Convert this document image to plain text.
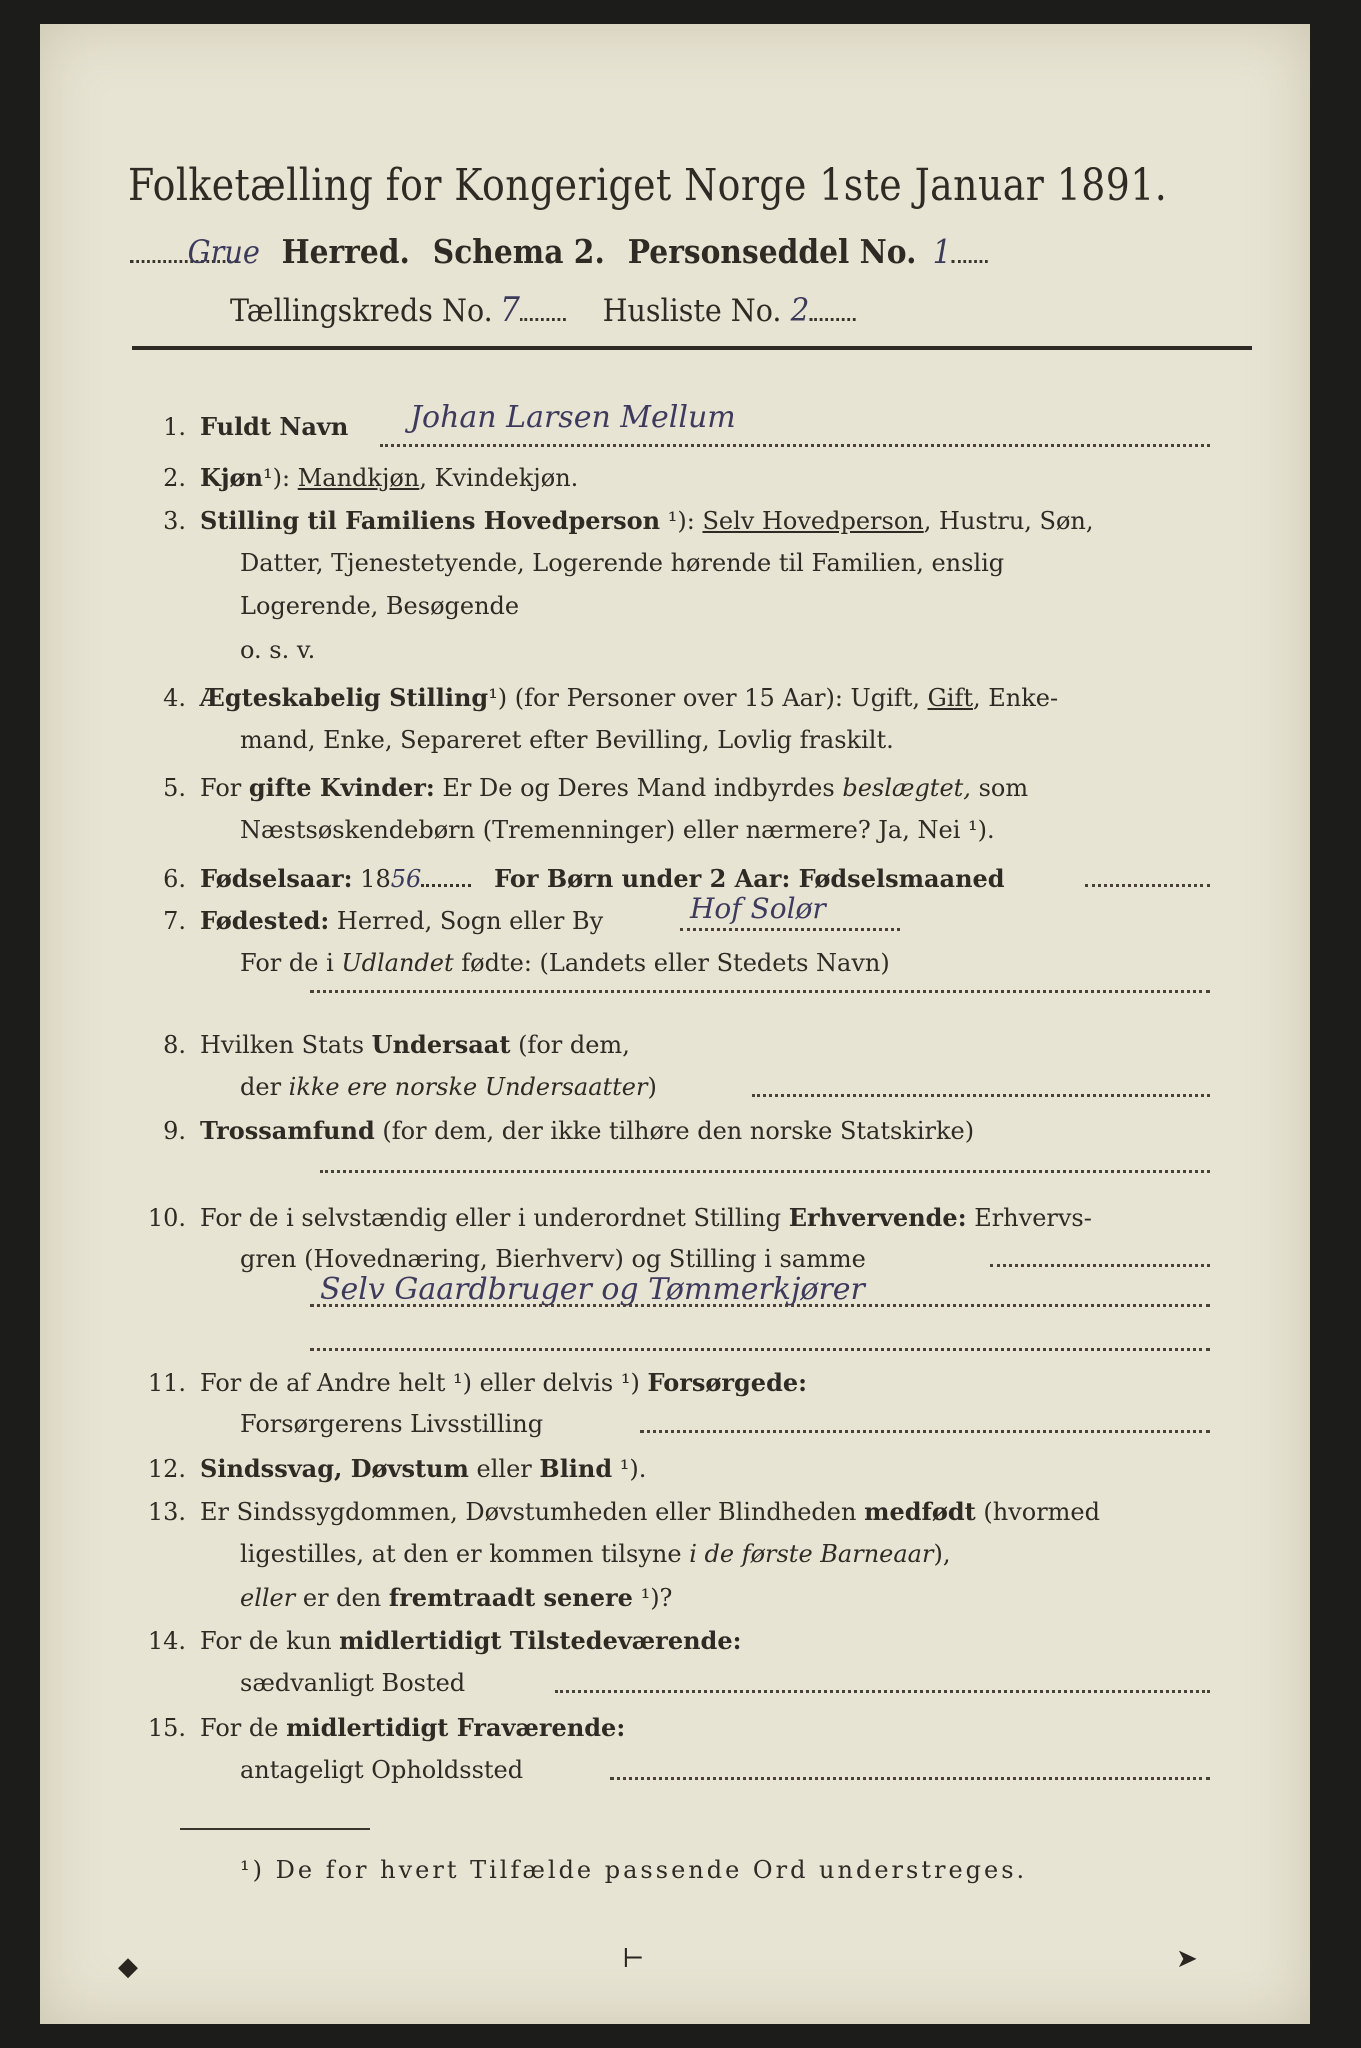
Folketælling for Kongeriget Norge 1ste Januar 1891.
Grue Herred. Schema 2. Personseddel No. 1
Tællingskreds No. 7	Husliste No. 2
1. Fuldt Navn Johan Larsen Mellum
2. Kjøn¹): Mandkjøn, Kvindekjøn.
3. Stilling til Familiens Hovedperson ¹): Selv Hovedperson, Hustru, Søn,
Datter, Tjenestetyende, Logerende hørende til Familien, enslig
Logerende, Besøgende
o. s. v.
4. Ægteskabelig Stilling¹) (for Personer over 15 Aar): Ugift, Gift, Enke-
mand, Enke, Separeret efter Bevilling, Lovlig fraskilt.
5. For gifte Kvinder: Er De og Deres Mand indbyrdes beslægtet, som
Næstsøskendebørn (Tremenninger) eller nærmere? Ja, Nei ¹).
6. Fødselsaar: 1856	For Børn under 2 Aar: Fødselsmaaned
7. Fødested: Herred, Sogn eller By	Hof Solør
For de i Udlandet fødte: (Landets eller Stedets Navn)
8. Hvilken Stats Undersaat (for dem,
der ikke ere norske Undersaatter)
9. Trossamfund (for dem, der ikke tilhøre den norske Statskirke)
10. For de i selvstændig eller i underordnet Stilling Erhvervende: Erhvervs-
gren (Hovednæring, Bierhverv) og Stilling i samme
Selv Gaardbruger og Tømmerkjører
11. For de af Andre helt ¹) eller delvis ¹) Forsørgede:
Forsørgerens Livsstilling
12. Sindssvag, Døvstum eller Blind ¹).
13. Er Sindssygdommen, Døvstumheden eller Blindheden medfødt (hvormed
ligestilles, at den er kommen tilsyne i de første Barneaar),
eller er den fremtraadt senere ¹)?
14. For de kun midlertidigt Tilstedeværende:
sædvanligt Bosted
15. For de midlertidigt Fraværende:
antageligt Opholdssted
¹) De for hvert Tilfælde passende Ord understreges.
◆	⊢	➤
